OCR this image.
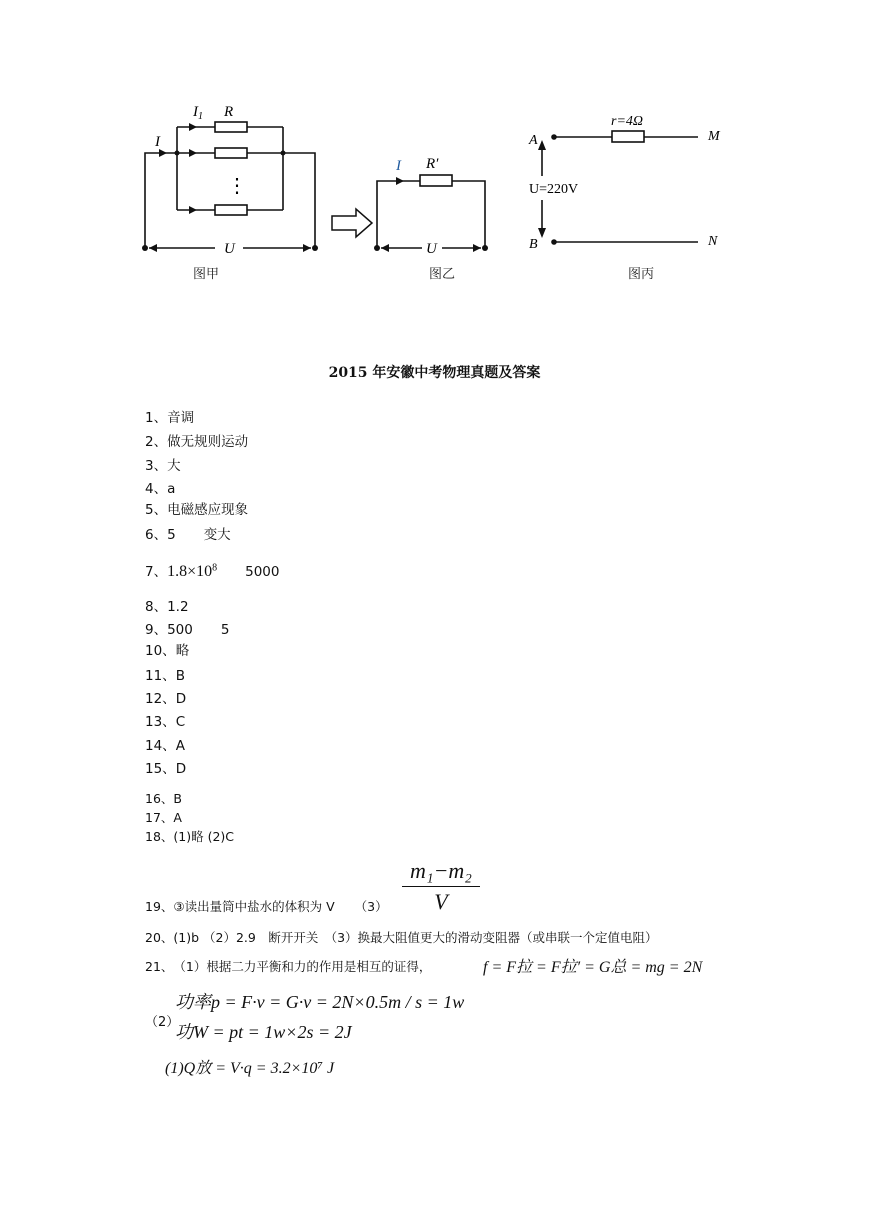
I
$I_1$ R
⋮
U
图甲
I R′
U
图乙
A
B
M
N
r=4Ω
U=220V
图丙
2015 年安徽中考物理真题及答案
1、音调
2、做无规则运动
3、大
4、a
5、电磁感应现象
6、5 变大
7、$1.8\times 10^8$ 5000
8、1.2
9、500 5
10、略
11、B
12、D
13、C
14、A
15、D
16、B
17、A
18、(1)略 (2)C
19、③读出量筒中盐水的体积为 V $(3) \frac{\text{m₁−m₂}}{V}$
20、(1)b （2）2.9　断开开关　（3）换最大阻值更大的滑动变阻器（或串联一个定值电阻）
21、（1）根据二力平衡和力的作用是相互的证得，	f = F拉 = F拉′ = G总 = mg = 2N
（2）
功率p = F·v = G·v = 2N×0.5m / s = 1w
功W = pt = 1w×2s = 2J
(1)Q放 = V·q = 3.2×10⁷ J
